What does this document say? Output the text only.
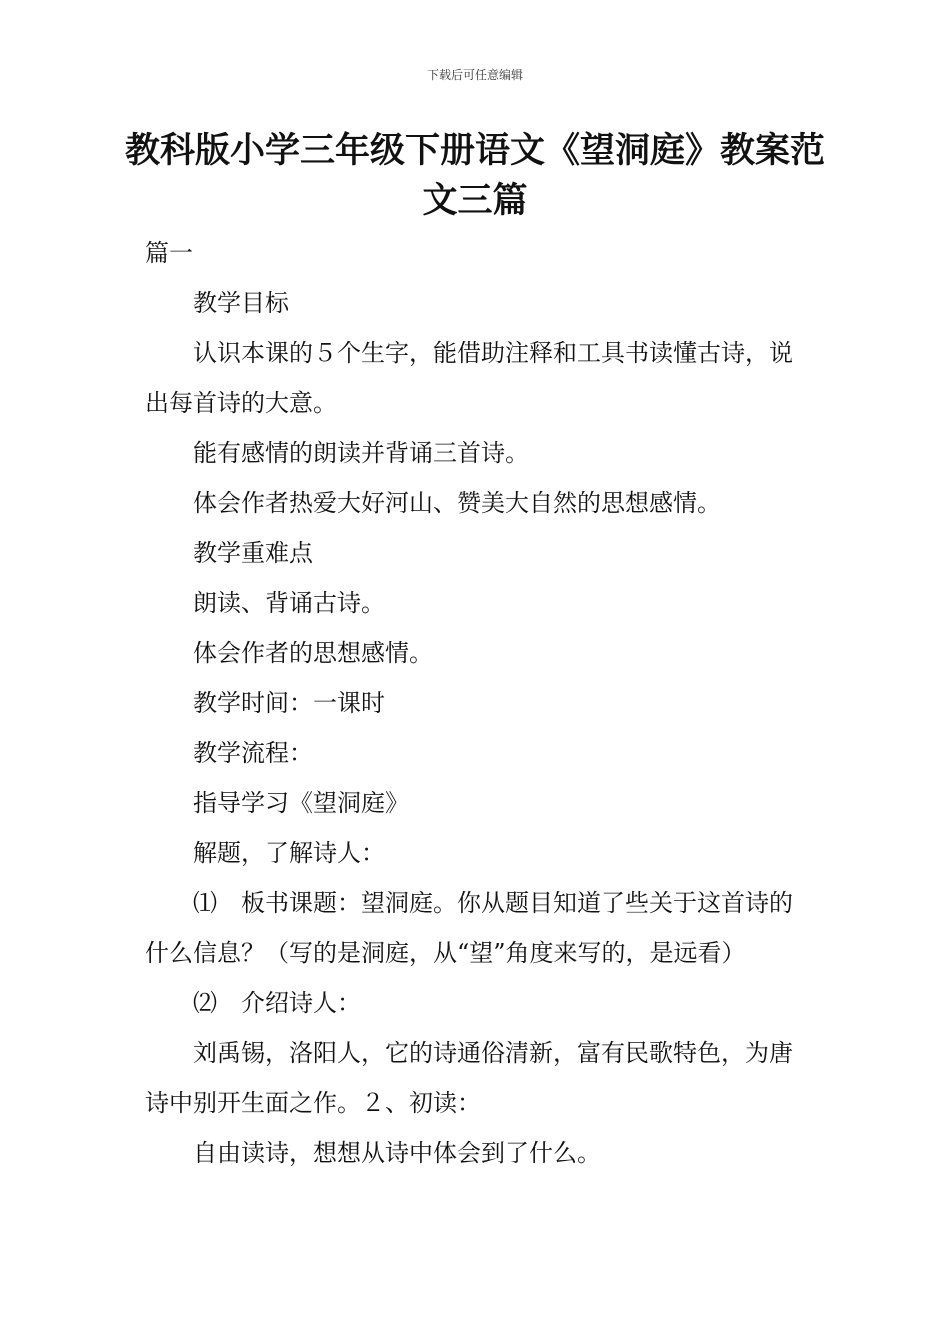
下载后可任意编辑
教科版小学三年级下册语文《望洞庭》教案范文三篇

篇一

教学目标

认识本课的５个生字，能借助注释和工具书读懂古诗，说出每首诗的大意。

能有感情的朗读并背诵三首诗。

体会作者热爱大好河山、赞美大自然的思想感情。

教学重难点

朗读、背诵古诗。

体会作者的思想感情。

教学时间：一课时

教学流程：

指导学习《望洞庭》

解题，了解诗人：

⑴　板书课题：望洞庭。你从题目知道了些关于这首诗的什么信息？（写的是洞庭，从“望”角度来写的，是远看）

⑵　介绍诗人：

刘禹锡，洛阳人，它的诗通俗清新，富有民歌特色，为唐诗中别开生面之作。２、初读：

自由读诗，想想从诗中体会到了什么。
